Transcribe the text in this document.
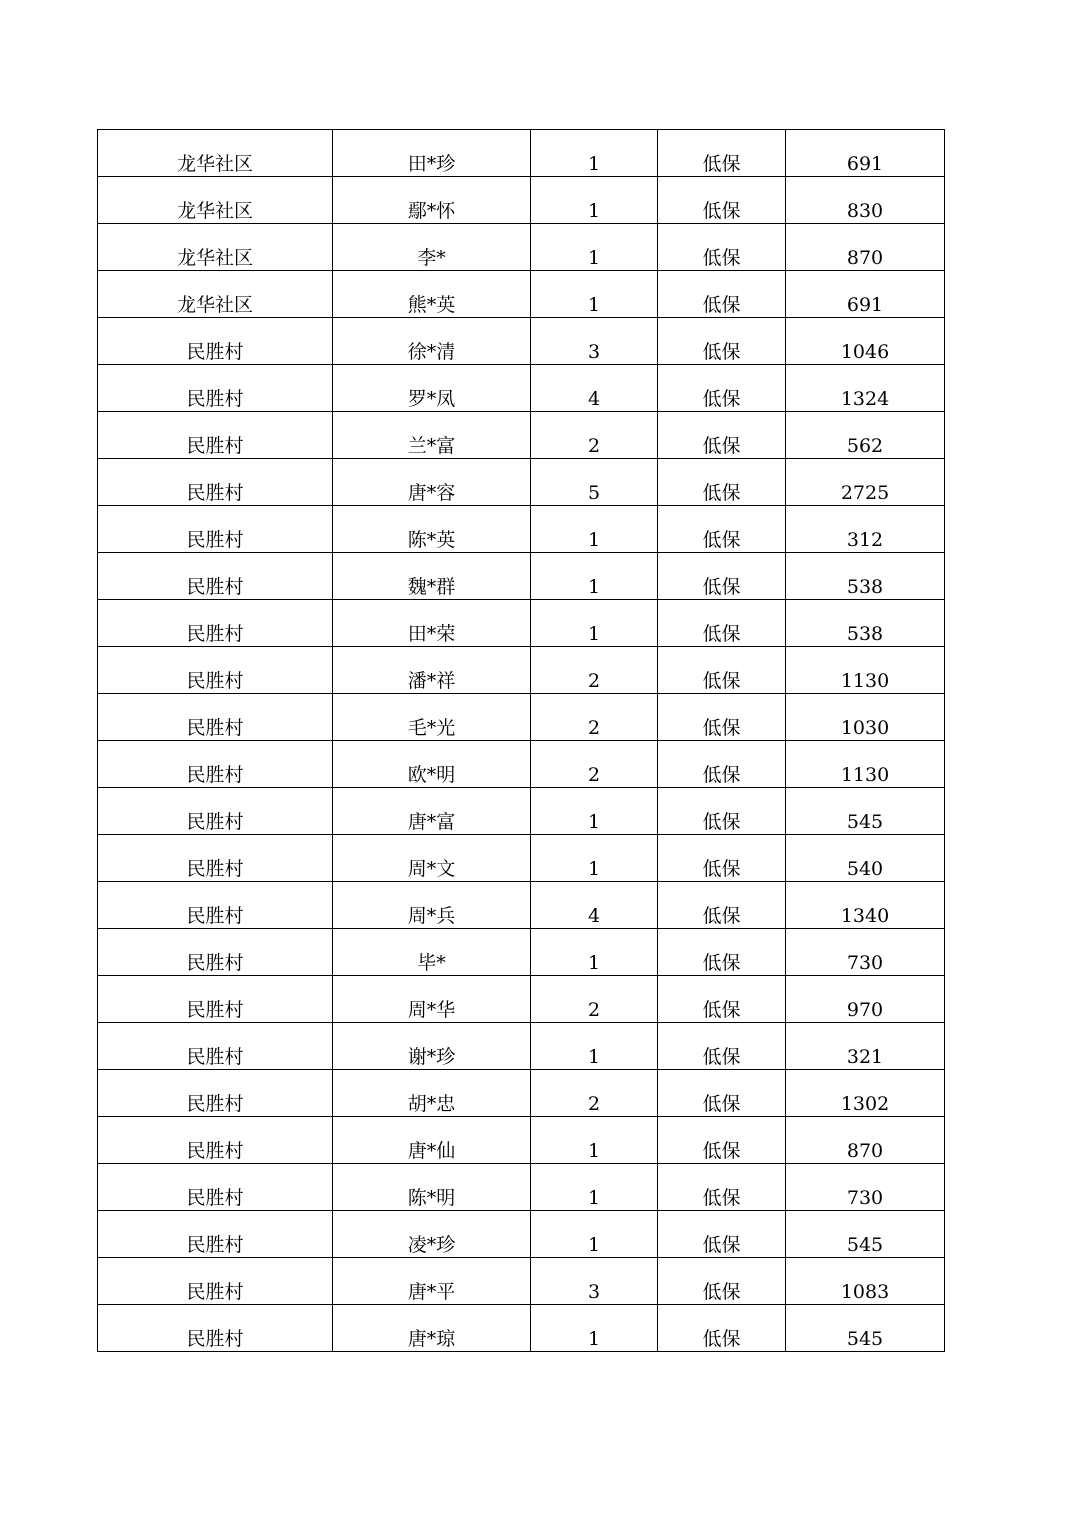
龙华社区	田*珍	1	低保	691
龙华社区	鄢*怀	1	低保	830
龙华社区	李*	1	低保	870
龙华社区	熊*英	1	低保	691
民胜村	徐*清	3	低保	1046
民胜村	罗*凤	4	低保	1324
民胜村	兰*富	2	低保	562
民胜村	唐*容	5	低保	2725
民胜村	陈*英	1	低保	312
民胜村	魏*群	1	低保	538
民胜村	田*荣	1	低保	538
民胜村	潘*祥	2	低保	1130
民胜村	毛*光	2	低保	1030
民胜村	欧*明	2	低保	1130
民胜村	唐*富	1	低保	545
民胜村	周*文	1	低保	540
民胜村	周*兵	4	低保	1340
民胜村	毕*	1	低保	730
民胜村	周*华	2	低保	970
民胜村	谢*珍	1	低保	321
民胜村	胡*忠	2	低保	1302
民胜村	唐*仙	1	低保	870
民胜村	陈*明	1	低保	730
民胜村	凌*珍	1	低保	545
民胜村	唐*平	3	低保	1083
民胜村	唐*琼	1	低保	545
